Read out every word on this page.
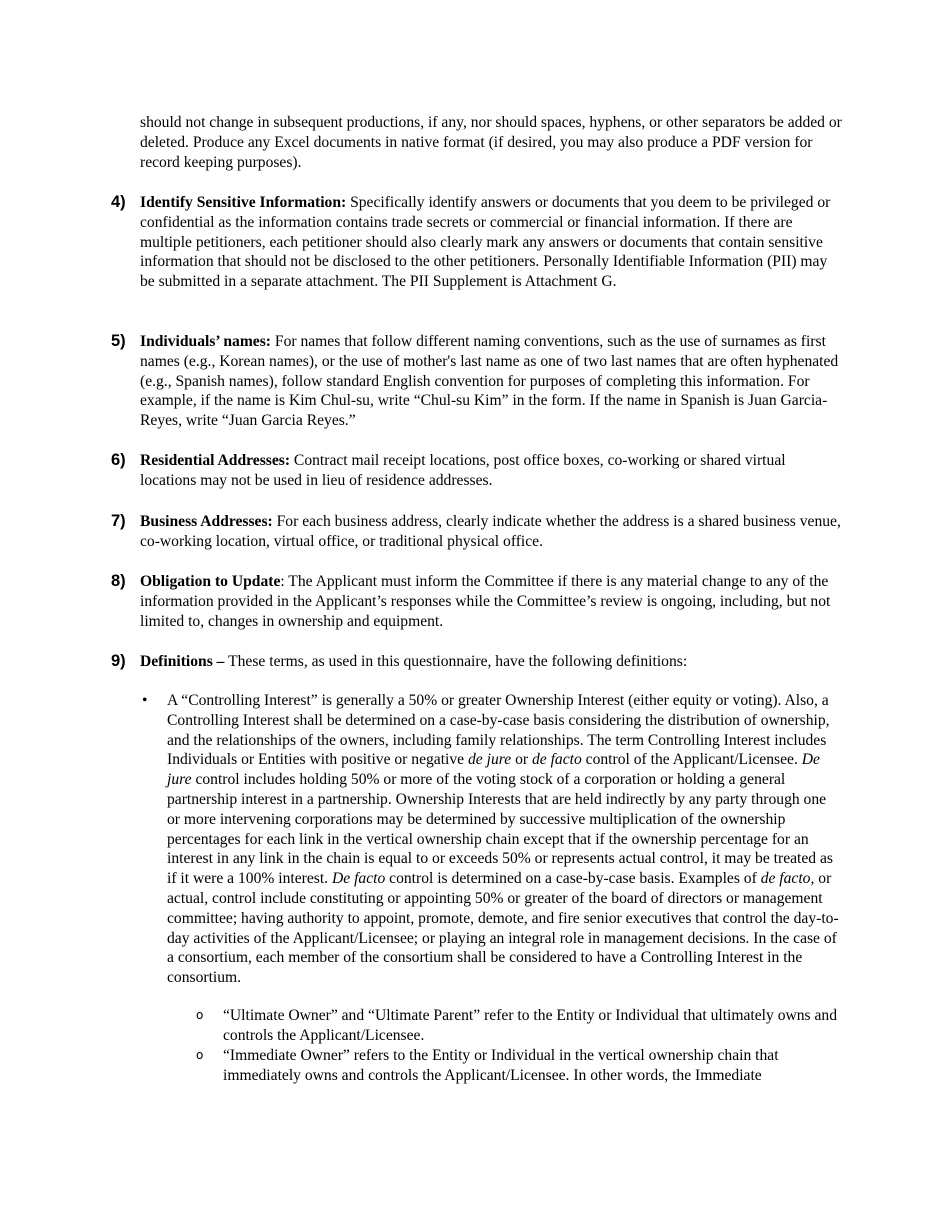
should not change in subsequent productions, if any, nor should spaces, hyphens, or other separators be added or deleted. Produce any Excel documents in native format (if desired, you may also produce a PDF version for record keeping purposes).

4) Identify Sensitive Information: Specifically identify answers or documents that you deem to be privileged or confidential as the information contains trade secrets or commercial or financial information. If there are multiple petitioners, each petitioner should also clearly mark any answers or documents that contain sensitive information that should not be disclosed to the other petitioners. Personally Identifiable Information (PII) may be submitted in a separate attachment. The PII Supplement is Attachment G.

5) Individuals’ names: For names that follow different naming conventions, such as the use of surnames as first names (e.g., Korean names), or the use of mother's last name as one of two last names that are often hyphenated (e.g., Spanish names), follow standard English convention for purposes of completing this information. For example, if the name is Kim Chul-su, write “Chul-su Kim” in the form. If the name in Spanish is Juan Garcia-Reyes, write “Juan Garcia Reyes.”

6) Residential Addresses: Contract mail receipt locations, post office boxes, co-working or shared virtual locations may not be used in lieu of residence addresses.

7) Business Addresses: For each business address, clearly indicate whether the address is a shared business venue, co-working location, virtual office, or traditional physical office.

8) Obligation to Update: The Applicant must inform the Committee if there is any material change to any of the information provided in the Applicant’s responses while the Committee’s review is ongoing, including, but not limited to, changes in ownership and equipment.

9) Definitions – These terms, as used in this questionnaire, have the following definitions:

• A “Controlling Interest” is generally a 50% or greater Ownership Interest (either equity or voting). Also, a Controlling Interest shall be determined on a case-by-case basis considering the distribution of ownership, and the relationships of the owners, including family relationships. The term Controlling Interest includes Individuals or Entities with positive or negative de jure or de facto control of the Applicant/Licensee. De jure control includes holding 50% or more of the voting stock of a corporation or holding a general partnership interest in a partnership. Ownership Interests that are held indirectly by any party through one or more intervening corporations may be determined by successive multiplication of the ownership percentages for each link in the vertical ownership chain except that if the ownership percentage for an interest in any link in the chain is equal to or exceeds 50% or represents actual control, it may be treated as if it were a 100% interest. De facto control is determined on a case-by-case basis. Examples of de facto, or actual, control include constituting or appointing 50% or greater of the board of directors or management committee; having authority to appoint, promote, demote, and fire senior executives that control the day-to-day activities of the Applicant/Licensee; or playing an integral role in management decisions. In the case of a consortium, each member of the consortium shall be considered to have a Controlling Interest in the consortium.

o “Ultimate Owner” and “Ultimate Parent” refer to the Entity or Individual that ultimately owns and controls the Applicant/Licensee.

o “Immediate Owner” refers to the Entity or Individual in the vertical ownership chain that immediately owns and controls the Applicant/Licensee. In other words, the Immediate
